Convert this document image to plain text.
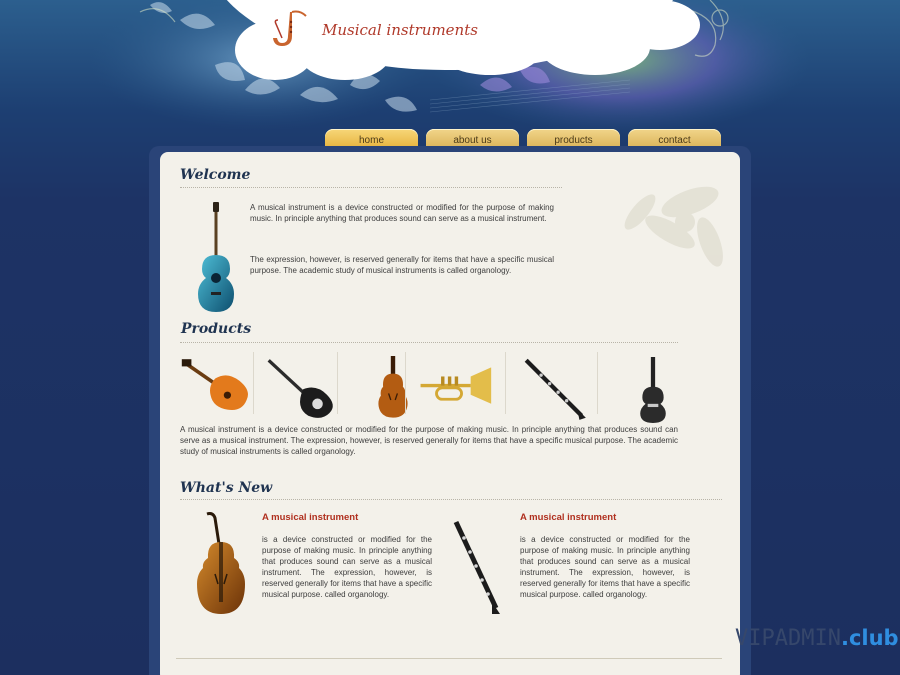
Musical instruments
home	about us	products	contact
Welcome
A musical instrument is a device constructed or modified for the purpose of making music. In principle anything that produces sound can serve as a musical instrument.
The expression, however, is reserved generally for items that have a specific musical purpose. The academic study of musical instruments is called organology.
Products
A musical instrument is a device constructed or modified for the purpose of making music. In principle anything that produces sound can serve as a musical instrument. The expression, however, is reserved generally for items that have a specific musical purpose. The academic study of musical instruments is called organology.
What's New
A musical instrument
is a device constructed or modified for the purpose of making music. In principle anything that produces sound can serve as a musical instrument. The expression, however, is reserved generally for items that have a specific musical purpose. called organology.
A musical instrument
is a device constructed or modified for the purpose of making music. In principle anything that produces sound can serve as a musical instrument. The expression, however, is reserved generally for items that have a specific musical purpose. called organology.
VIPADMIN.club
